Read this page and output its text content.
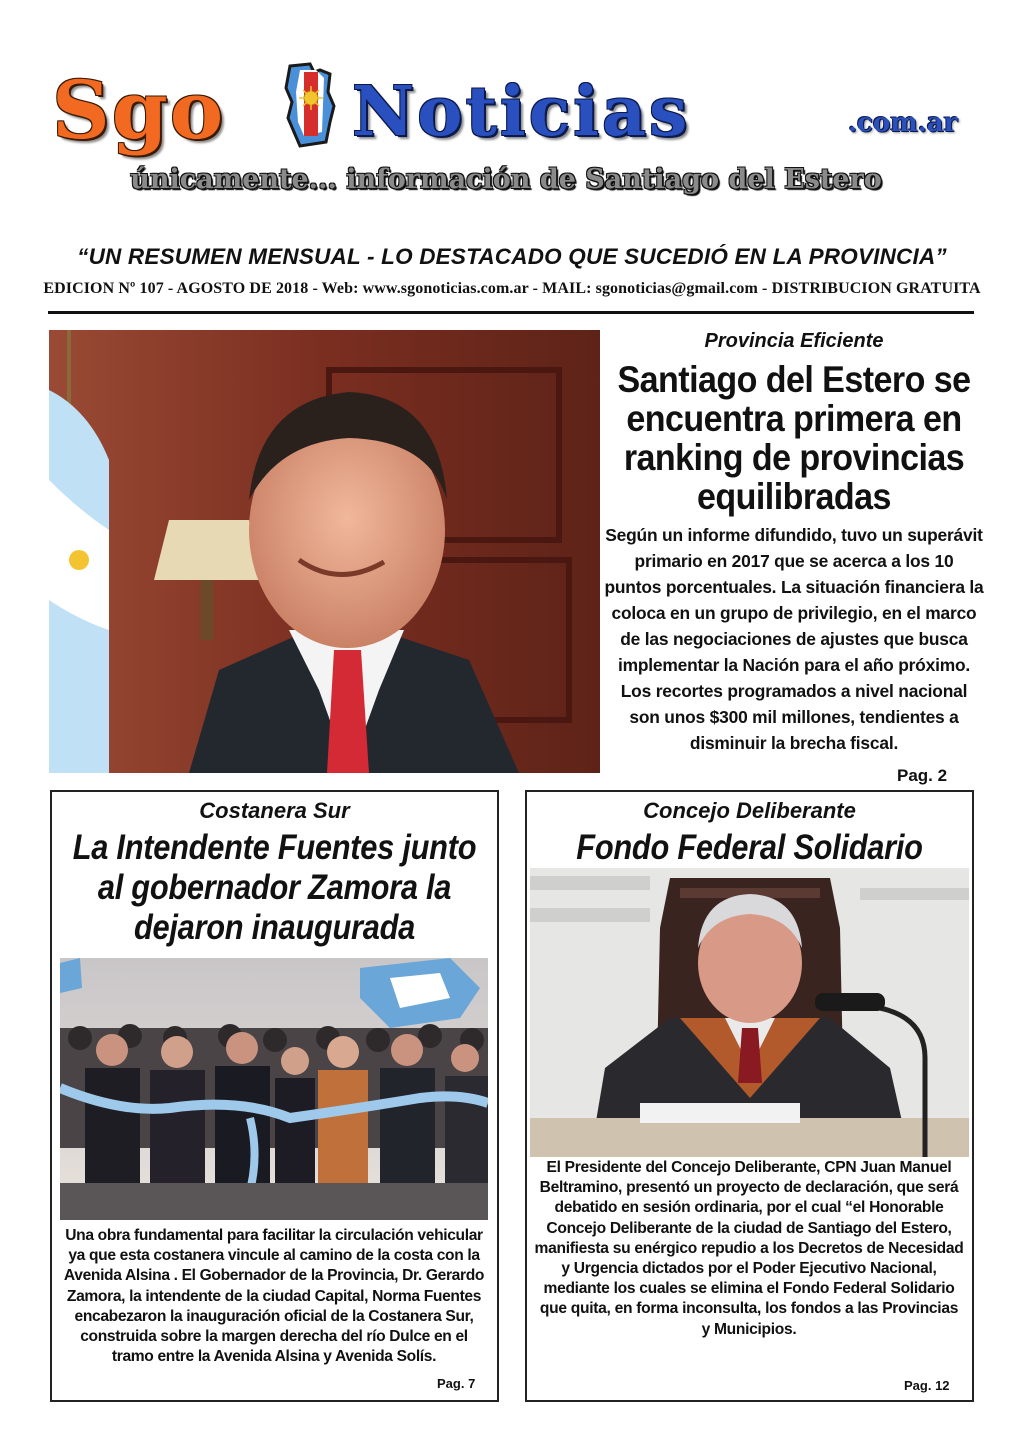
Sgo Noticias	.com.ar
únicamente... información de Santiago del Estero
“UN RESUMEN MENSUAL - LO DESTACADO QUE SUCEDIÓ EN LA PROVINCIA”
EDICION Nº 107 - AGOSTO DE 2018 - Web: www.sgonoticias.com.ar - MAIL: sgonoticias@gmail.com - DISTRIBUCION GRATUITA
Provincia Eficiente
Santiago del Estero se encuentra primera en ranking de provincias equilibradas
Según un informe difundido, tuvo un superávit primario en 2017 que se acerca a los 10 puntos porcentuales. La situación financiera la coloca en un grupo de privilegio, en el marco de las negociaciones de ajustes que busca implementar la Nación para el año próximo. Los recortes programados a nivel nacional son unos $300 mil millones, tendientes a disminuir la brecha fiscal.
Pag. 2
Costanera Sur
La Intendente Fuentes junto al gobernador Zamora la dejaron inaugurada
Una obra fundamental para facilitar la circulación vehicular ya que esta costanera vincule al camino de la costa con la Avenida Alsina . El Gobernador de la Provincia, Dr. Gerardo Zamora, la intendente de la ciudad Capital, Norma Fuentes encabezaron la inauguración oficial de la Costanera Sur, construida sobre la margen derecha del río Dulce en el tramo entre la Avenida Alsina y Avenida Solís.
Pag. 7
Concejo Deliberante
Fondo Federal Solidario
El Presidente del Concejo Deliberante, CPN Juan Manuel Beltramino, presentó un proyecto de declaración, que será debatido en sesión ordinaria, por el cual “el Honorable Concejo Deliberante de la ciudad de Santiago del Estero, manifiesta su enérgico repudio a los Decretos de Necesidad y Urgencia dictados por el Poder Ejecutivo Nacional, mediante los cuales se elimina el Fondo Federal Solidario que quita, en forma inconsulta, los fondos a las Provincias y Municipios.
Pag. 12
